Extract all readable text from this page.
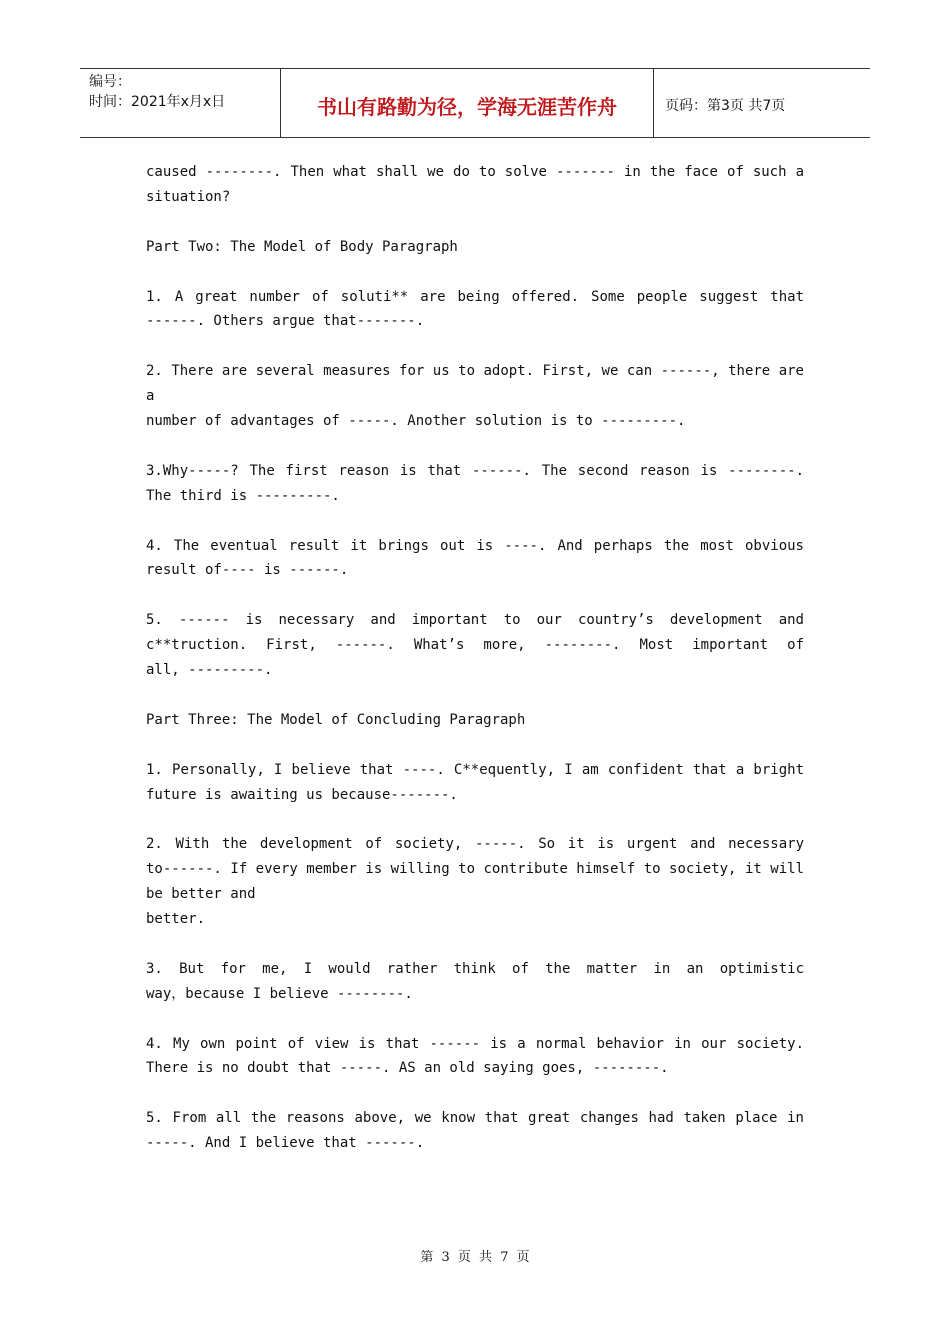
编号：
时间：2021年x月x日	书山有路勤为径，学海无涯苦作舟	页码：第3页 共7页
caused --------. Then what shall we do to solve ------- in the face of such a
situation?
Part Two: The Model of Body Paragraph
1. A great number of soluti** are being offered. Some people suggest that
------. Others argue that-------.
2. There are several measures for us to adopt. First, we can ------, there are
a
number of advantages of -----. Another solution is to ---------.
3.Why-----? The first reason is that ------. The second reason is --------.
The third is ---------.
4. The eventual result it brings out is ----. And perhaps the most obvious
result of---- is ------.
5. ------ is necessary and important to our country’s development and
c**truction. First, ------. What’s more, --------. Most important of
all, ---------.
Part Three: The Model of Concluding Paragraph
1. Personally, I believe that ----. C**equently, I am confident that a bright
future is awaiting us because-------.
2. With the development of society, -----. So it is urgent and necessary
to------. If every member is willing to contribute himself to society, it will
be better and
better.
3. But for me, I would rather think of the matter in an optimistic
way，because I believe --------.
4. My own point of view is that ------ is a normal behavior in our society.
There is no doubt that -----. AS an old saying goes, --------.
5. From all the reasons above, we know that great changes had taken place in
-----. And I believe that ------.
第 3 页 共 7 页
